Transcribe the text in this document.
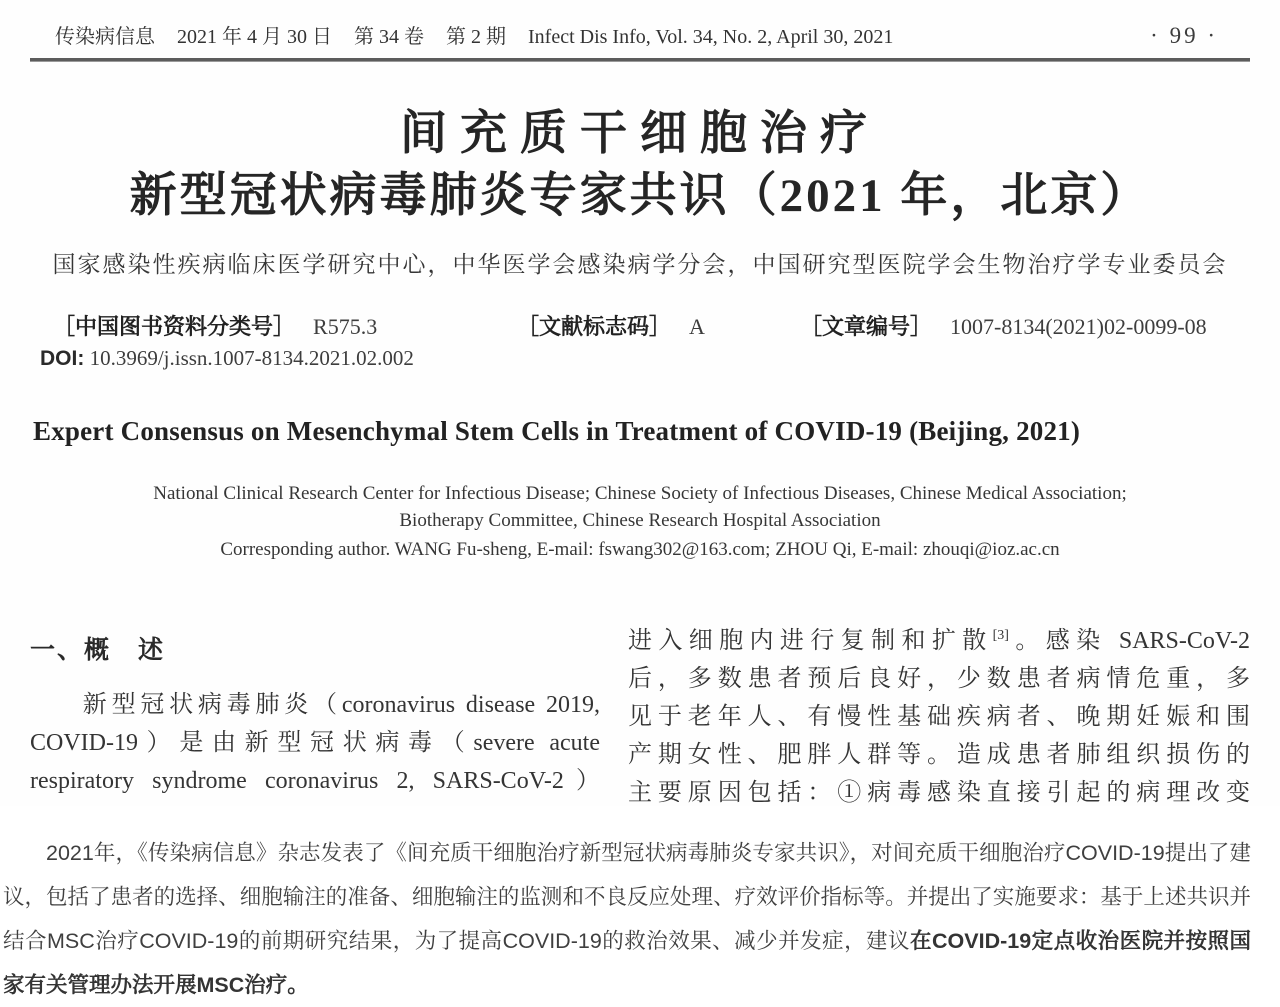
传染病信息 2021 年 4 月 30 日 第 34 卷 第 2 期 Infect Dis Info, Vol. 34, No. 2, April 30, 2021	· 99 ·
间充质干细胞治疗
新型冠状病毒肺炎专家共识（2021 年，北京）

国家感染性疾病临床医学研究中心，中华医学会感染病学分会，中国研究型医院学会生物治疗学专业委员会

［中国图书资料分类号］ R575.3	［文献标志码］ A	［文章编号］ 1007-8134(2021)02-0099-08
DOI: 10.3969/j.issn.1007-8134.2021.02.002
Expert Consensus on Mesenchymal Stem Cells in Treatment of COVID-19 (Beijing, 2021)

National Clinical Research Center for Infectious Disease; Chinese Society of Infectious Diseases, Chinese Medical Association;

Biotherapy Committee, Chinese Research Hospital Association

Corresponding author. WANG Fu-sheng, E-mail: fswang302@163.com; ZHOU Qi, E-mail: zhouqi@ioz.ac.cn

一、概　述
新型冠状病毒肺炎（coronavirus disease 2019,
COVID-19）是由新型冠状病毒（severe acute
respiratory syndrome coronavirus 2, SARS-CoV-2）
进入细胞内进行复制和扩散[3]。感染 SARS-CoV-2
后，多数患者预后良好，少数患者病情危重，多
见于老年人、有慢性基础疾病者、晚期妊娠和围
产期女性、肥胖人群等。造成患者肺组织损伤的
主要原因包括：①病毒感染直接引起的病理改变

2021年，《传染病信息》杂志发表了《间充质干细胞治疗新型冠状病毒肺炎专家共识》，对间充质干细胞治疗COVID-19提出了建议，包括了患者的选择、细胞输注的准备、细胞输注的监测和不良反应处理、疗效评价指标等。并提出了实施要求：基于上述共识并结合MSC治疗COVID-19的前期研究结果，为了提高COVID-19的救治效果、减少并发症，建议在COVID-19定点收治医院并按照国家有关管理办法开展MSC治疗。
